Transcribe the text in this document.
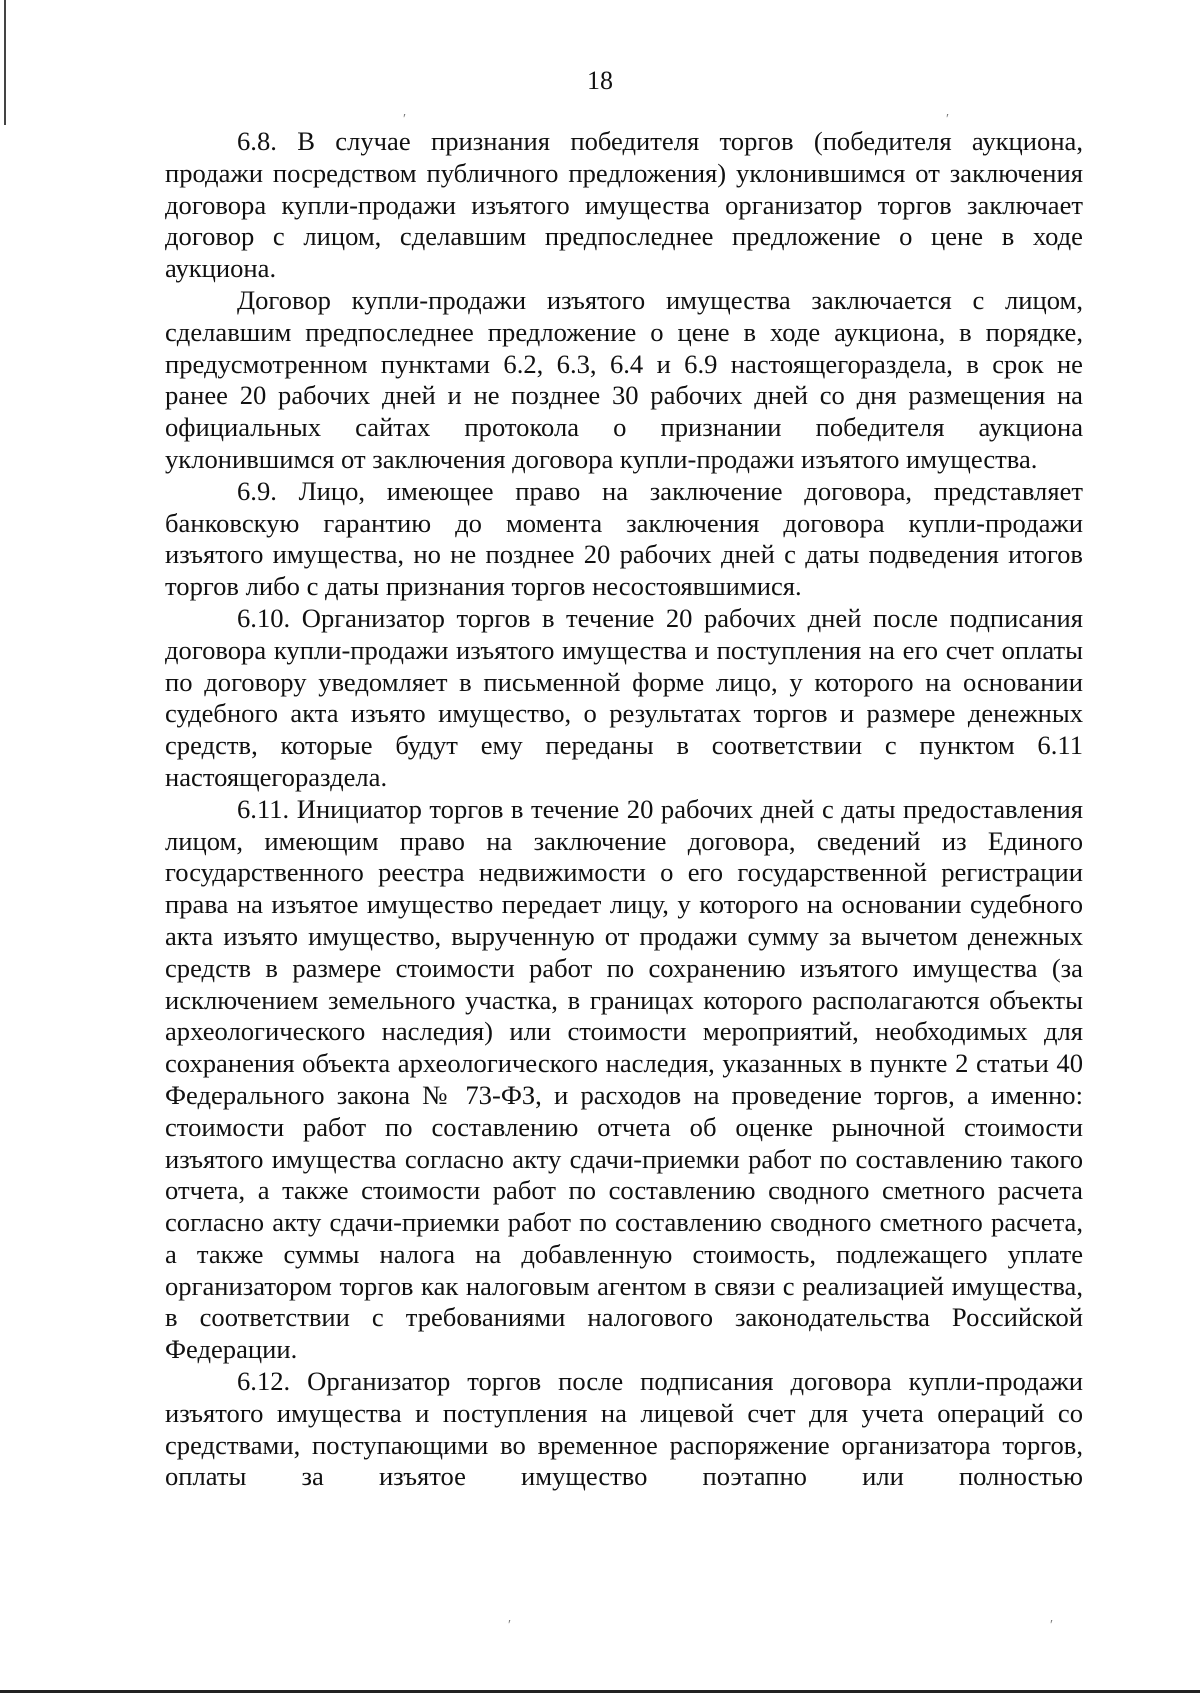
18
′	′

6.8. В случае признания победителя торгов (победителя аукциона, продажи посредством публичного предложения) уклонившимся от заключения договора купли-продажи изъятого имущества организатор торгов заключает договор с лицом, сделавшим предпоследнее предложение о цене в ходе аукциона.

Договор купли-продажи изъятого имущества заключается с лицом, сделавшим предпоследнее предложение о цене в ходе аукциона, в порядке, предусмотренном пунктами 6.2, 6.3, 6.4 и 6.9 настоящегораздела, в срок не ранее 20 рабочих дней и не позднее 30 рабочих дней со дня размещения на официальных сайтах протокола о признании победителя аукциона уклонившимся от заключения договора купли-продажи изъятого имущества.

6.9. Лицо, имеющее право на заключение договора, представляет банковскую гарантию до момента заключения договора купли-продажи изъятого имущества, но не позднее 20 рабочих дней с даты подведения итогов торгов либо с даты признания торгов несостоявшимися.

6.10. Организатор торгов в течение 20 рабочих дней после подписания договора купли-продажи изъятого имущества и поступления на его счет оплаты по договору уведомляет в письменной форме лицо, у которого на основании судебного акта изъято имущество, о результатах торгов и размере денежных средств, которые будут ему переданы в соответствии с пунктом 6.11 настоящегораздела.

6.11. Инициатор торгов в течение 20 рабочих дней с даты предоставления лицом, имеющим право на заключение договора, сведений из Единого государственного реестра недвижимости о его государственной регистрации права на изъятое имущество передает лицу, у которого на основании судебного акта изъято имущество, вырученную от продажи сумму за вычетом денежных средств в размере стоимости работ по сохранению изъятого имущества (за исключением земельного участка, в границах которого располагаются объекты археологического наследия) или стоимости мероприятий, необходимых для сохранения объекта археологического наследия, указанных в пункте 2 статьи 40 Федерального закона № 73-ФЗ, и расходов на проведение торгов, а именно: стоимости работ по составлению отчета об оценке рыночной стоимости изъятого имущества согласно акту сдачи-приемки работ по составлению такого отчета, а также стоимости работ по составлению сводного сметного расчета согласно акту сдачи-приемки работ по составлению сводного сметного расчета, а также суммы налога на добавленную стоимость, подлежащего уплате организатором торгов как налоговым агентом в связи с реализацией имущества, в соответствии с требованиями налогового законодательства Российской Федерации.

6.12. Организатор торгов после подписания договора купли-продажи изъятого имущества и поступления на лицевой счет для учета операций со средствами, поступающими во временное распоряжение организатора торгов, оплаты за изъятое имущество поэтапно или полностью

′	′
